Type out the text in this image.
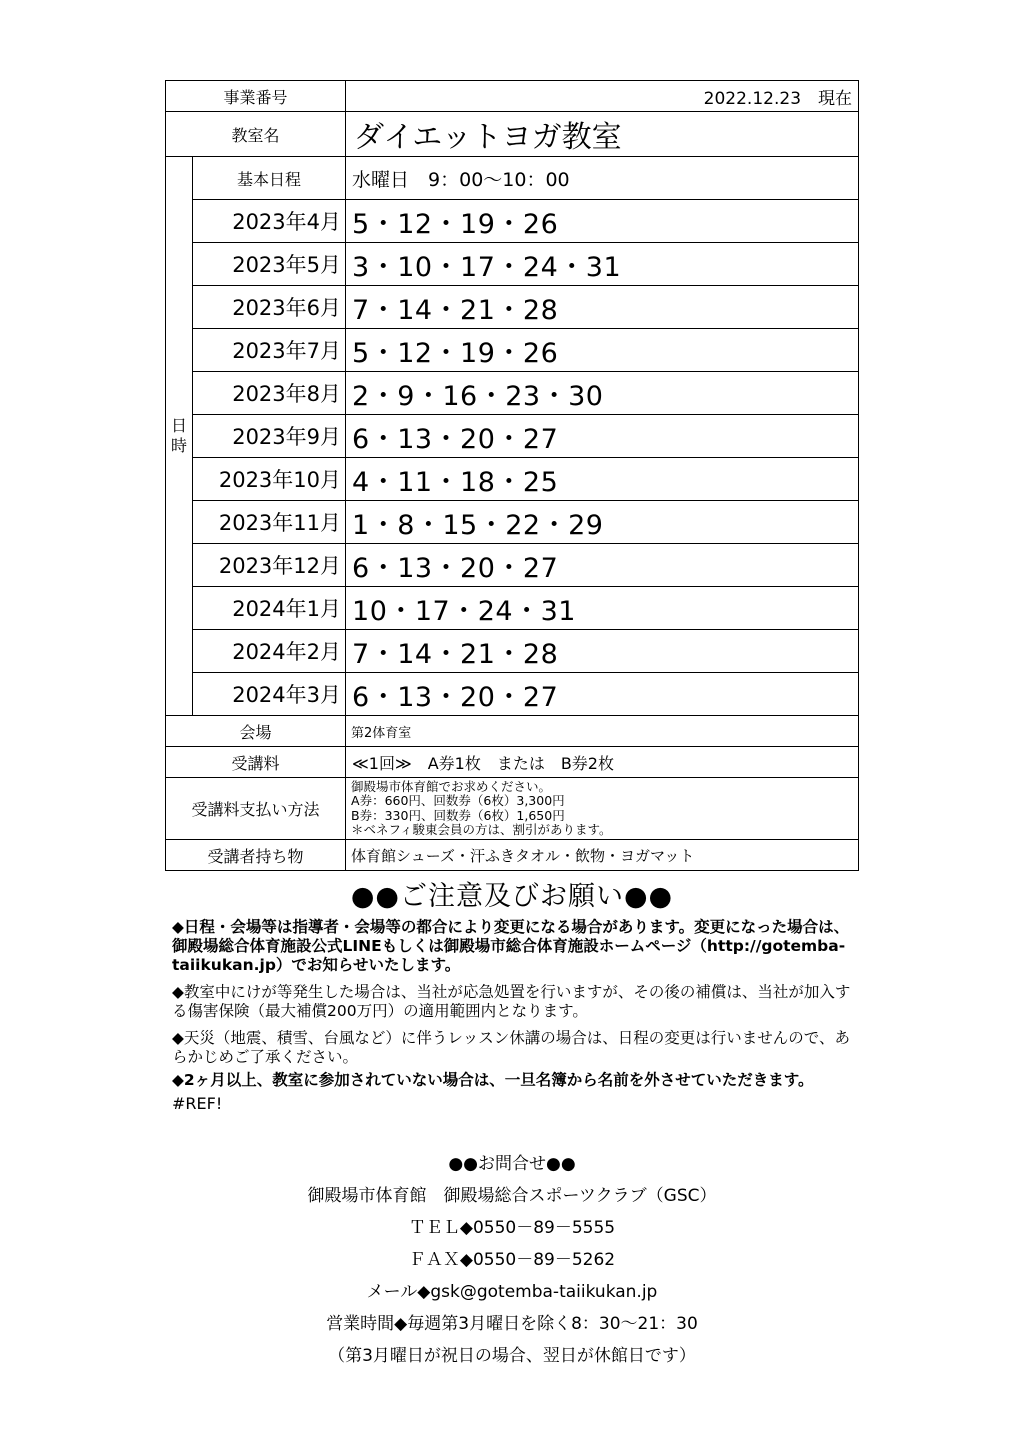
事業番号		2022.12.23　現在
教室名		ダイエットヨガ教室

日
時	基本日程	水曜日　9：00～10：00
	2023年4月	5・12・19・26
	2023年5月	3・10・17・24・31
	2023年6月	7・14・21・28
	2023年7月	5・12・19・26
	2023年8月	2・9・16・23・30
	2023年9月	6・13・20・27
	2023年10月	4・11・18・25
	2023年11月	1・8・15・22・29
	2023年12月	6・13・20・27
	2024年1月	10・17・24・31
	2024年2月	7・14・21・28
	2024年3月	6・13・20・27
会場		第2体育室
受講料		≪1回≫　A券1枚　または　B券2枚
受講料支払い方法		御殿場市体育館でお求めください。
A券：660円、回数券（6枚）3,300円
B券：330円、回数券（6枚）1,650円
＊ベネフィ駿東会員の方は、割引があります。

受講者持ち物		体育館シューズ・汗ふきタオル・飲物・ヨガマット
●●ご注意及びお願い●●

◆日程・会場等は指導者・会場等の都合により変更になる場合があります。変更になった場合は、御殿場総合体育施設公式LINEもしくは御殿場市総合体育施設ホームページ（http://gotemba-taiikukan.jp）でお知らせいたします。

◆教室中にけが等発生した場合は、当社が応急処置を行いますが、その後の補償は、当社が加入する傷害保険（最大補償200万円）の適用範囲内となります。

◆天災（地震、積雪、台風など）に伴うレッスン休講の場合は、日程の変更は行いませんので、あらかじめご了承ください。

◆2ヶ月以上、教室に参加されていない場合は、一旦名簿から名前を外させていただきます。

#REF!
●●お問合せ●●
御殿場市体育館　御殿場総合スポーツクラブ（GSC）
ＴＥＬ◆0550－89－5555
ＦＡＸ◆0550－89－5262
メール◆gsk@gotemba-taiikukan.jp
営業時間◆毎週第3月曜日を除く8：30～21：30
（第3月曜日が祝日の場合、翌日が休館日です）
